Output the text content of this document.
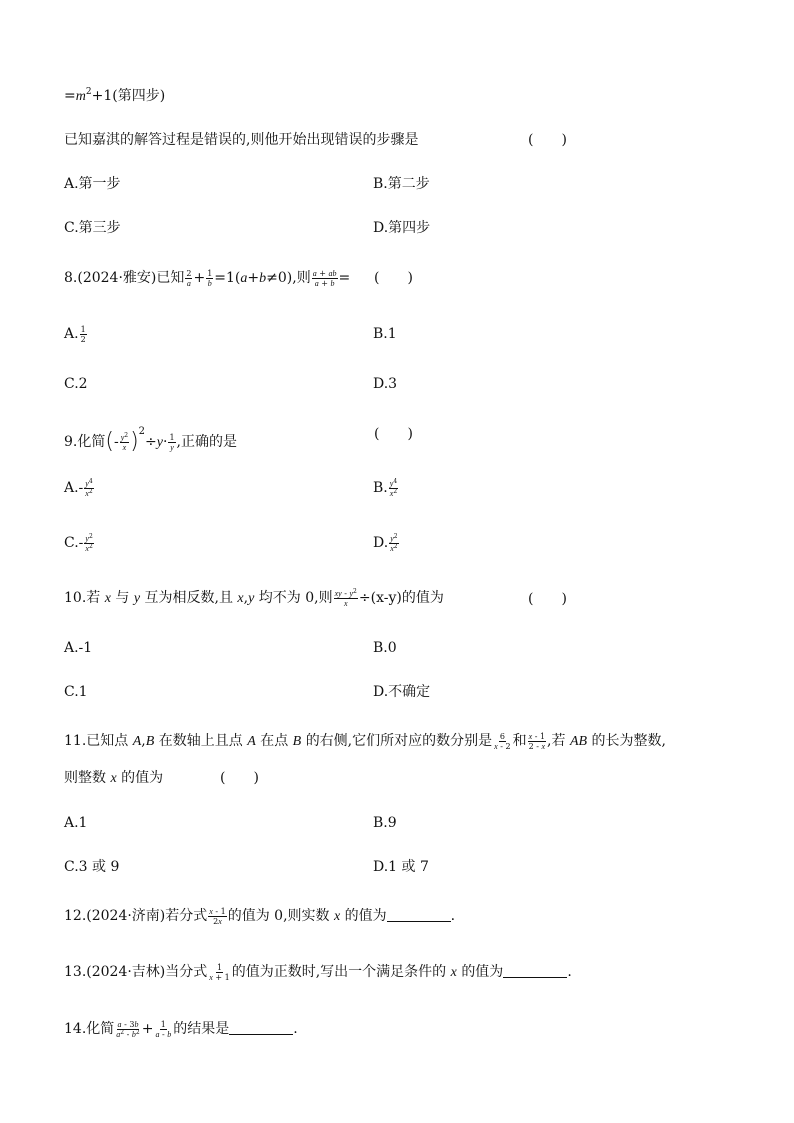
$=m^2+1$(第四步)
已知嘉淇的解答过程是错误的,则他开始出现错误的步骤是	(　　)
A.第一步	B.第二步
C.第三步	D.第四步
8.(2024·雅安)已知 $\frac{2}{a} + \frac{1}{b} =1(a+b\ne 0)$,则 $\frac{a + ab}{a + b}$ = (　　)
A. $\frac{1}{2}$	B.1
C.2	D.3
9.化简(- $\frac{y^2}{x} )^2\div y\cdot \frac{1}{y}$ ,正确的是	(　　)
$A.- \frac{y^4}{x^2}$	B. $\frac{y^4}{x^2}$
$C.- \frac{y^2}{x^2}$	D. $\frac{y^2}{x^2}$
10.若 x 与 y 互为相反数,且 x,y 均不为 0,则 $\frac{xy - y^2}{x} \div(x-y)$的值为	(　　)
A.-1	B.0
C.1	D.不确定
11.已知点 A,B 在数轴上且点 A 在点 B 的右侧,它们所对应的数分别是 $\frac{6}{x - 2}$ 和 $\frac{x - 1}{2 - x}$ ,若 AB 的长为整数,
则整数 x 的值为	(　　)
A.1	B.9
C.3 或 9	D.1 或 7
12.(2024·济南)若分式 $\frac{x - 1}{2x}$ 的值为 0,则实数 x 的值为	.
13.(2024·吉林)当分式 $\frac{1}{x + 1}$ 的值为正数时,写出一个满足条件的 x 的值为	.
14.化简 $\frac{a - 3b}{a^2 - b^2} + \frac{1}{a - b}$ 的结果是	.
